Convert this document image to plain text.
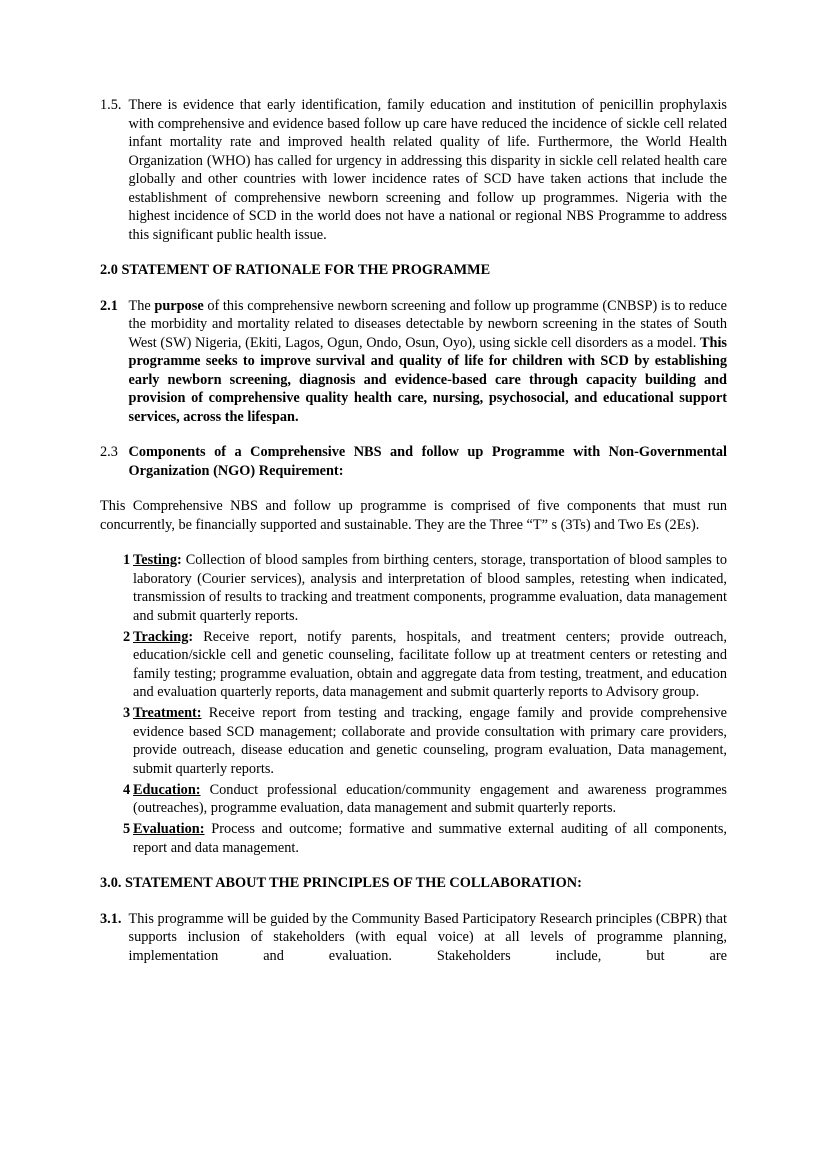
1.5. There is evidence that early identification, family education and institution of penicillin prophylaxis with comprehensive and evidence based follow up care have reduced the incidence of sickle cell related infant mortality rate and improved health related quality of life. Furthermore, the World Health Organization (WHO) has called for urgency in addressing this disparity in sickle cell related health care globally and other countries with lower incidence rates of SCD have taken actions that include the establishment of comprehensive newborn screening and follow up programmes. Nigeria with the highest incidence of SCD in the world does not have a national or regional NBS Programme to address this significant public health issue.
2.0 STATEMENT OF RATIONALE FOR THE PROGRAMME
2.1 The purpose of this comprehensive newborn screening and follow up programme (CNBSP) is to reduce the morbidity and mortality related to diseases detectable by newborn screening in the states of South West (SW) Nigeria, (Ekiti, Lagos, Ogun, Ondo, Osun, Oyo), using sickle cell disorders as a model. This programme seeks to improve survival and quality of life for children with SCD by establishing early newborn screening, diagnosis and evidence-based care through capacity building and provision of comprehensive quality health care, nursing, psychosocial, and educational support services, across the lifespan.
2.3 Components of a Comprehensive NBS and follow up Programme with Non-Governmental Organization (NGO) Requirement:
This Comprehensive NBS and follow up programme is comprised of five components that must run concurrently, be financially supported and sustainable. They are the Three “T” s (3Ts) and Two Es (2Es).
1 Testing: Collection of blood samples from birthing centers, storage, transportation of blood samples to laboratory (Courier services), analysis and interpretation of blood samples, retesting when indicated, transmission of results to tracking and treatment components, programme evaluation, data management and submit quarterly reports.
2 Tracking: Receive report, notify parents, hospitals, and treatment centers; provide outreach, education/sickle cell and genetic counseling, facilitate follow up at treatment centers or retesting and family testing; programme evaluation, obtain and aggregate data from testing, treatment, and education and evaluation quarterly reports, data management and submit quarterly reports to Advisory group.
3 Treatment: Receive report from testing and tracking, engage family and provide comprehensive evidence based SCD management; collaborate and provide consultation with primary care providers, provide outreach, disease education and genetic counseling, program evaluation, Data management, submit quarterly reports.
4 Education: Conduct professional education/community engagement and awareness programmes (outreaches), programme evaluation, data management and submit quarterly reports.
5 Evaluation: Process and outcome; formative and summative external auditing of all components, report and data management.
3.0. STATEMENT ABOUT THE PRINCIPLES OF THE COLLABORATION:
3.1. This programme will be guided by the Community Based Participatory Research principles (CBPR) that supports inclusion of stakeholders (with equal voice) at all levels of programme planning, implementation and evaluation. Stakeholders include, but are
